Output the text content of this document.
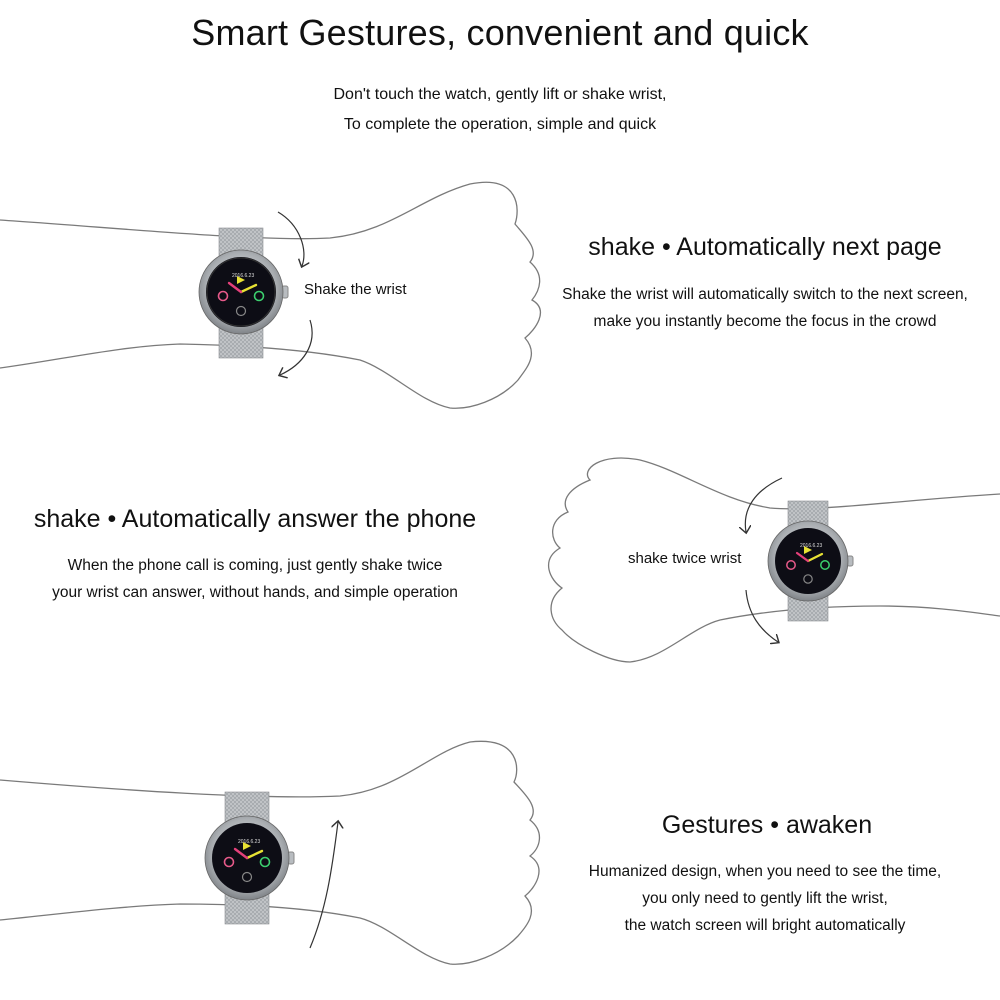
Smart Gestures, convenient and quick
Don't touch the watch, gently lift or shake wrist,
To complete the operation, simple and quick
Shake the wrist
shake • Automatically next page
Shake the wrist will automatically switch to the next screen,
make you instantly become the focus in the crowd
shake • Automatically answer the phone
When the phone call is coming, just gently shake twice
your wrist can answer, without hands, and simple operation
shake twice wrist
Gestures • awaken
Humanized design, when you need to see the time,
you only need to gently lift the wrist,
the watch screen will bright automatically
2016.6.23
2016.6.23
2016.6.23
